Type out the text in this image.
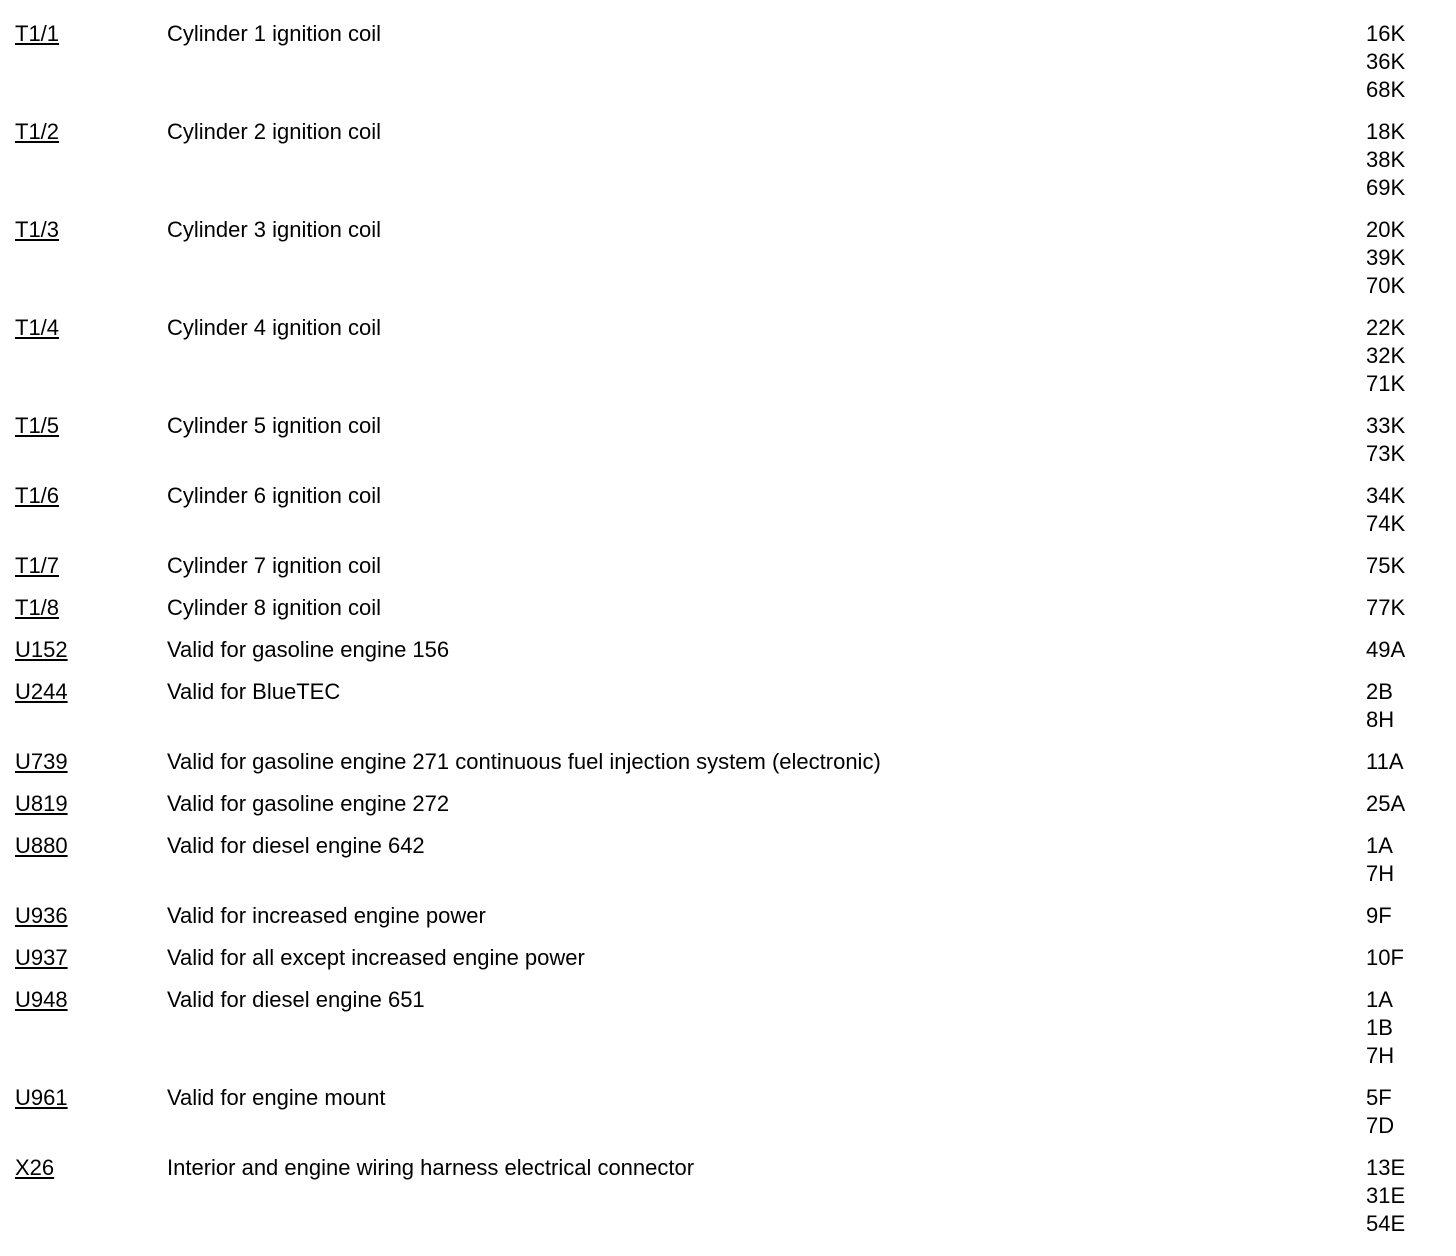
T1/1	Cylinder 1 ignition coil	16K
36K
68K
T1/2	Cylinder 2 ignition coil	18K
38K
69K
T1/3	Cylinder 3 ignition coil	20K
39K
70K
T1/4	Cylinder 4 ignition coil	22K
32K
71K
T1/5	Cylinder 5 ignition coil	33K
73K
T1/6	Cylinder 6 ignition coil	34K
74K
T1/7	Cylinder 7 ignition coil	75K
T1/8	Cylinder 8 ignition coil	77K
U152	Valid for gasoline engine 156	49A
U244	Valid for BlueTEC	2B
8H
U739	Valid for gasoline engine 271 continuous fuel injection system (electronic)	11A
U819	Valid for gasoline engine 272	25A
U880	Valid for diesel engine 642	1A
7H
U936	Valid for increased engine power	9F
U937	Valid for all except increased engine power	10F
U948	Valid for diesel engine 651	1A
1B
7H
U961	Valid for engine mount	5F
7D
X26	Interior and engine wiring harness electrical connector	13E
31E
54E
